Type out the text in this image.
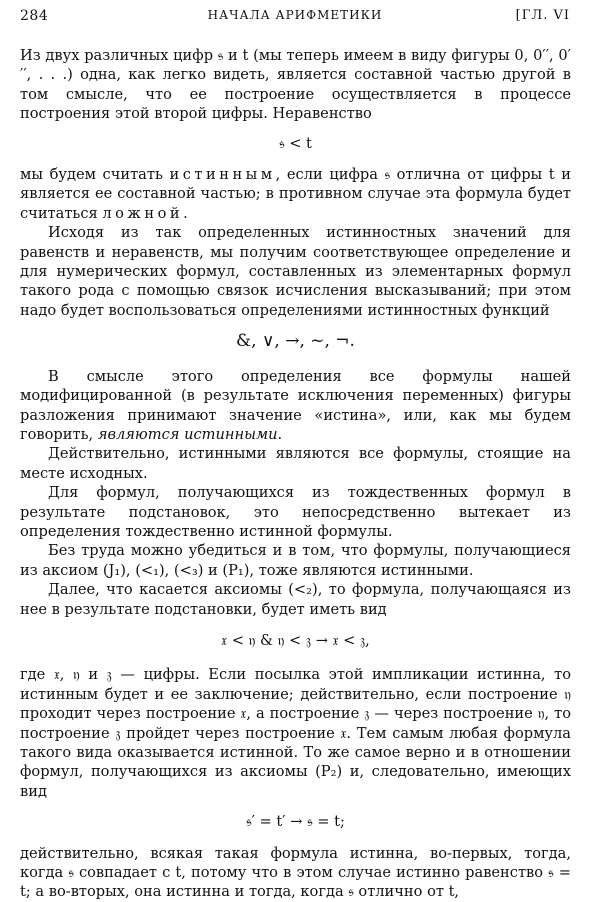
284	НАЧАЛА АРИФМЕТИКИ	[ГЛ. VI

Из двух различных цифр 𝔰 и t (мы теперь имеем в виду фигуры 0, 0′′, 0′′′, . . .) одна, как легко видеть, является составной частью другой в том смысле, что ее построение осуществляется в процессе построения этой второй цифры. Неравенство

𝔰 < t

мы будем считать истинным, если цифра 𝔰 отлична от цифры t и является ее составной частью; в противном случае эта формула будет считаться ложной.

Исходя из так определенных истинностных значений для равенств и неравенств, мы получим соответствующее определение и для нумерических формул, составленных из элементарных формул такого рода с помощью связок исчисления высказываний; при этом надо будет воспользоваться определениями истинностных функций

&, ∨, →, ~, ¬.

В смысле этого определения все формулы нашей модифицированной (в результате исключения переменных) фигуры разложения принимают значение «истина», или, как мы будем говорить, являются истинными.

Действительно, истинными являются все формулы, стоящие на месте исходных.

Для формул, получающихся из тождественных формул в результате подстановок, это непосредственно вытекает из определения тождественно истинной формулы.

Без труда можно убедиться и в том, что формулы, получающиеся из аксиом (J₁), (<₁), (<₃) и (P₁), тоже являются истинными.

Далее, что касается аксиомы (<₂), то формула, получающаяся из нее в результате подстановки, будет иметь вид

𝔵 < 𝔶 & 𝔶 < 𝔷 → 𝔵 < 𝔷,

где 𝔵, 𝔶 и 𝔷 — цифры. Если посылка этой импликации истинна, то истинным будет и ее заключение; действительно, если построение 𝔶 проходит через построение 𝔵, а построение 𝔷 — через построение 𝔶, то построение 𝔷 пройдет через построение 𝔵. Тем самым любая формула такого вида оказывается истинной. То же самое верно и в отношении формул, получающихся из аксиомы (P₂) и, следовательно, имеющих вид

𝔰′ = t′ → 𝔰 = t;

действительно, всякая такая формула истинна, во-первых, тогда, когда 𝔰 совпадает с t, потому что в этом случае истинно равенство 𝔰 = t; а во-вторых, она истинна и тогда, когда 𝔰 отлично от t,
